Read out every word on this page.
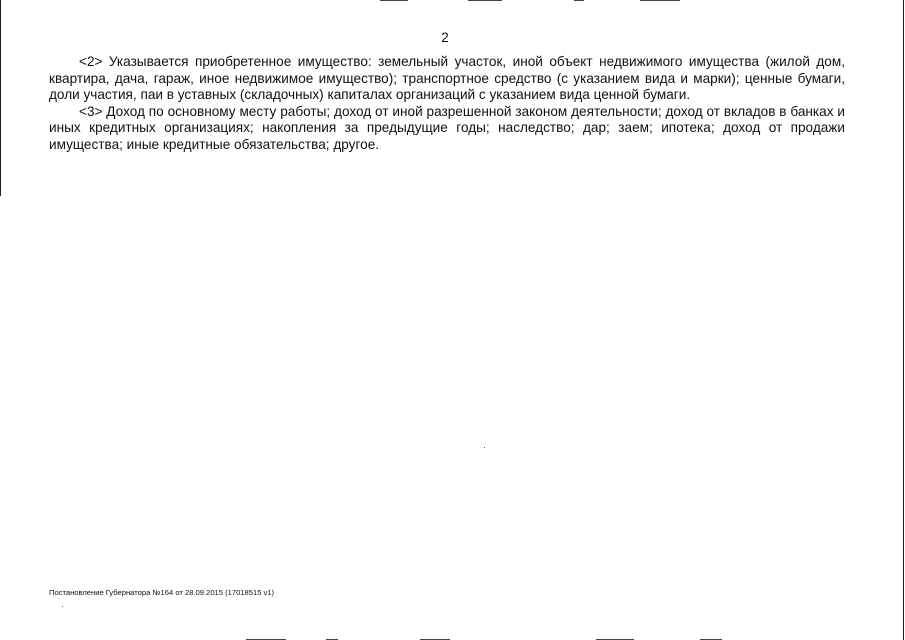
2

<2> Указывается приобретенное имущество: земельный участок, иной объект недвижимого имущества (жилой дом, квартира, дача, гараж, иное недвижимое имущество); транспортное средство (с указанием вида и марки); ценные бумаги, доли участия, паи в уставных (складочных) капиталах организаций с указанием вида ценной бумаги.

<3> Доход по основному месту работы; доход от иной разрешенной законом деятельности; доход от вкладов в банках и иных кредитных организациях; накопления за предыдущие годы; наследство; дар; заем; ипотека; доход от продажи имущества; иные кредитные обязательства; другое.

Постановление Губернатора №164 от 28.09.2015 (17018515 v1)
